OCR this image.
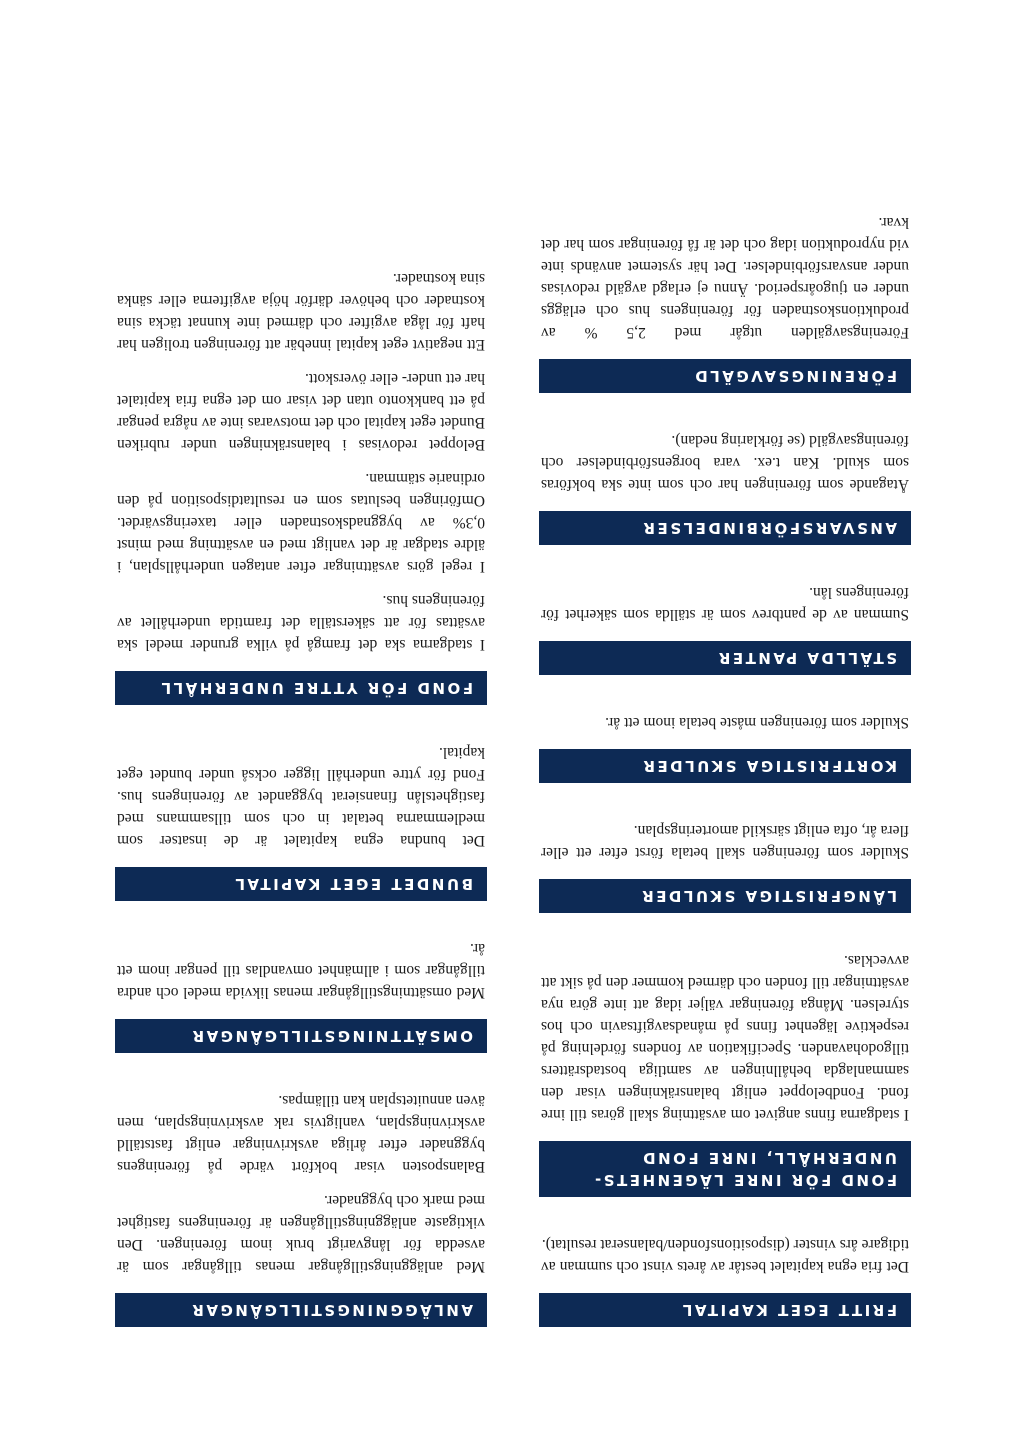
FRITT EGET KAPITAL

Det fria egna kapitalet består av årets vinst och summan av tidigare års vinster (dispositionsfonden/balanserat resultat).

FOND FÖR INRE LÄGENHETS- UNDERHÅLL, INRE FOND

I stadgarna finns angivet om avsättning skall göras till inre fond. Fondbeloppet enligt balansräkningen visar den sammanlagda behållningen av samtliga bostadsrätters tillgodohavanden. Specifikation av fondens fördelning på respektive lägenhet finns på månadsavgiftsavin och hos styrelsen. Många föreningar väljer idag att inte göra nya avsättningar till fonden och därmed kommer den på sikt att avvecklas.

LÅNGFRISTIGA SKULDER

Skulder som föreningen skall betala först efter ett eller flera år, ofta enligt särskild amorteringsplan.

KORTFRISTIGA SKULDER

Skulder som föreningen måste betala inom ett år.

STÄLLDA PANTER

Summan av de pantbrev som är ställda som säkerhet för föreningens lån.

ANSVARSFÖRBINDELSER

Åtagande som föreningen har och som inte ska bokföras som skuld. Kan t.ex. vara borgensförbindelser och föreningsavgäld (se förklaring nedan).

FÖRENINGSAVGÄLD

Föreningsavgälden utgår med 2,5 % av produktionskostnaden för föreningens hus och erläggs under en tjugoårsperiod. Ännu ej erlagd avgäld redovisas under ansvarsförbindelser. Det här systemet används inte vid nyproduktion idag och det är få föreningar som har det kvar.

ANLÄGGNINGSTILLGÅNGAR

Med anläggningstillgångar menas tillgångar som är avsedda för långvarigt bruk inom föreningen. Den viktigaste anläggningstillgången är föreningens fastighet med mark och byggnader.

Balansposten visar bokfört värde på föreningens byggnader efter årliga avskrivningar enligt fastställd avskrivningsplan, vanligtvis rak avskrivningsplan, men även annuitetsplan kan tillämpas.

OMSÄTTNINGSTILLGÅNGAR

Med omsättningstillgångar menas likvida medel och andra tillgångar som i allmänhet omvandlas till pengar inom ett år.

BUNDET EGET KAPITAL

Det bundna egna kapitalet är de insatser som medlemmarna betalat in och som tillsammans med fastighetslån finansierat byggandet av föreningens hus. Fond för yttre underhåll ligger också under bundet eget kapital.

FOND FÖR YTTRE UNDERHÅLL

I stadgarna ska det framgå på vilka grunder medel ska avsättas för att säkerställa det framtida underhållet av föreningens hus.

I regel görs avsättningar efter antagen underhållsplan, i äldre stadgar är det vanligt med en avsättning med minst 0,3% av byggnadskostnaden eller taxeringsvärdet. Omföringen beslutas som en resultatdisposition på den ordinarie stämman.

Beloppet redovisas i balansräkningen under rubriken Bundet eget kapital och det motsvaras inte av några pengar på ett bankkonto utan det visar om det egna fria kapitalet har ett under- eller överskott.

Ett negativt eget kapital innebär att föreningen troligen har haft för låga avgifter och därmed inte kunnat täcka sina kostnader och behöver därför höja avgifterna eller sänka sina kostnader.
